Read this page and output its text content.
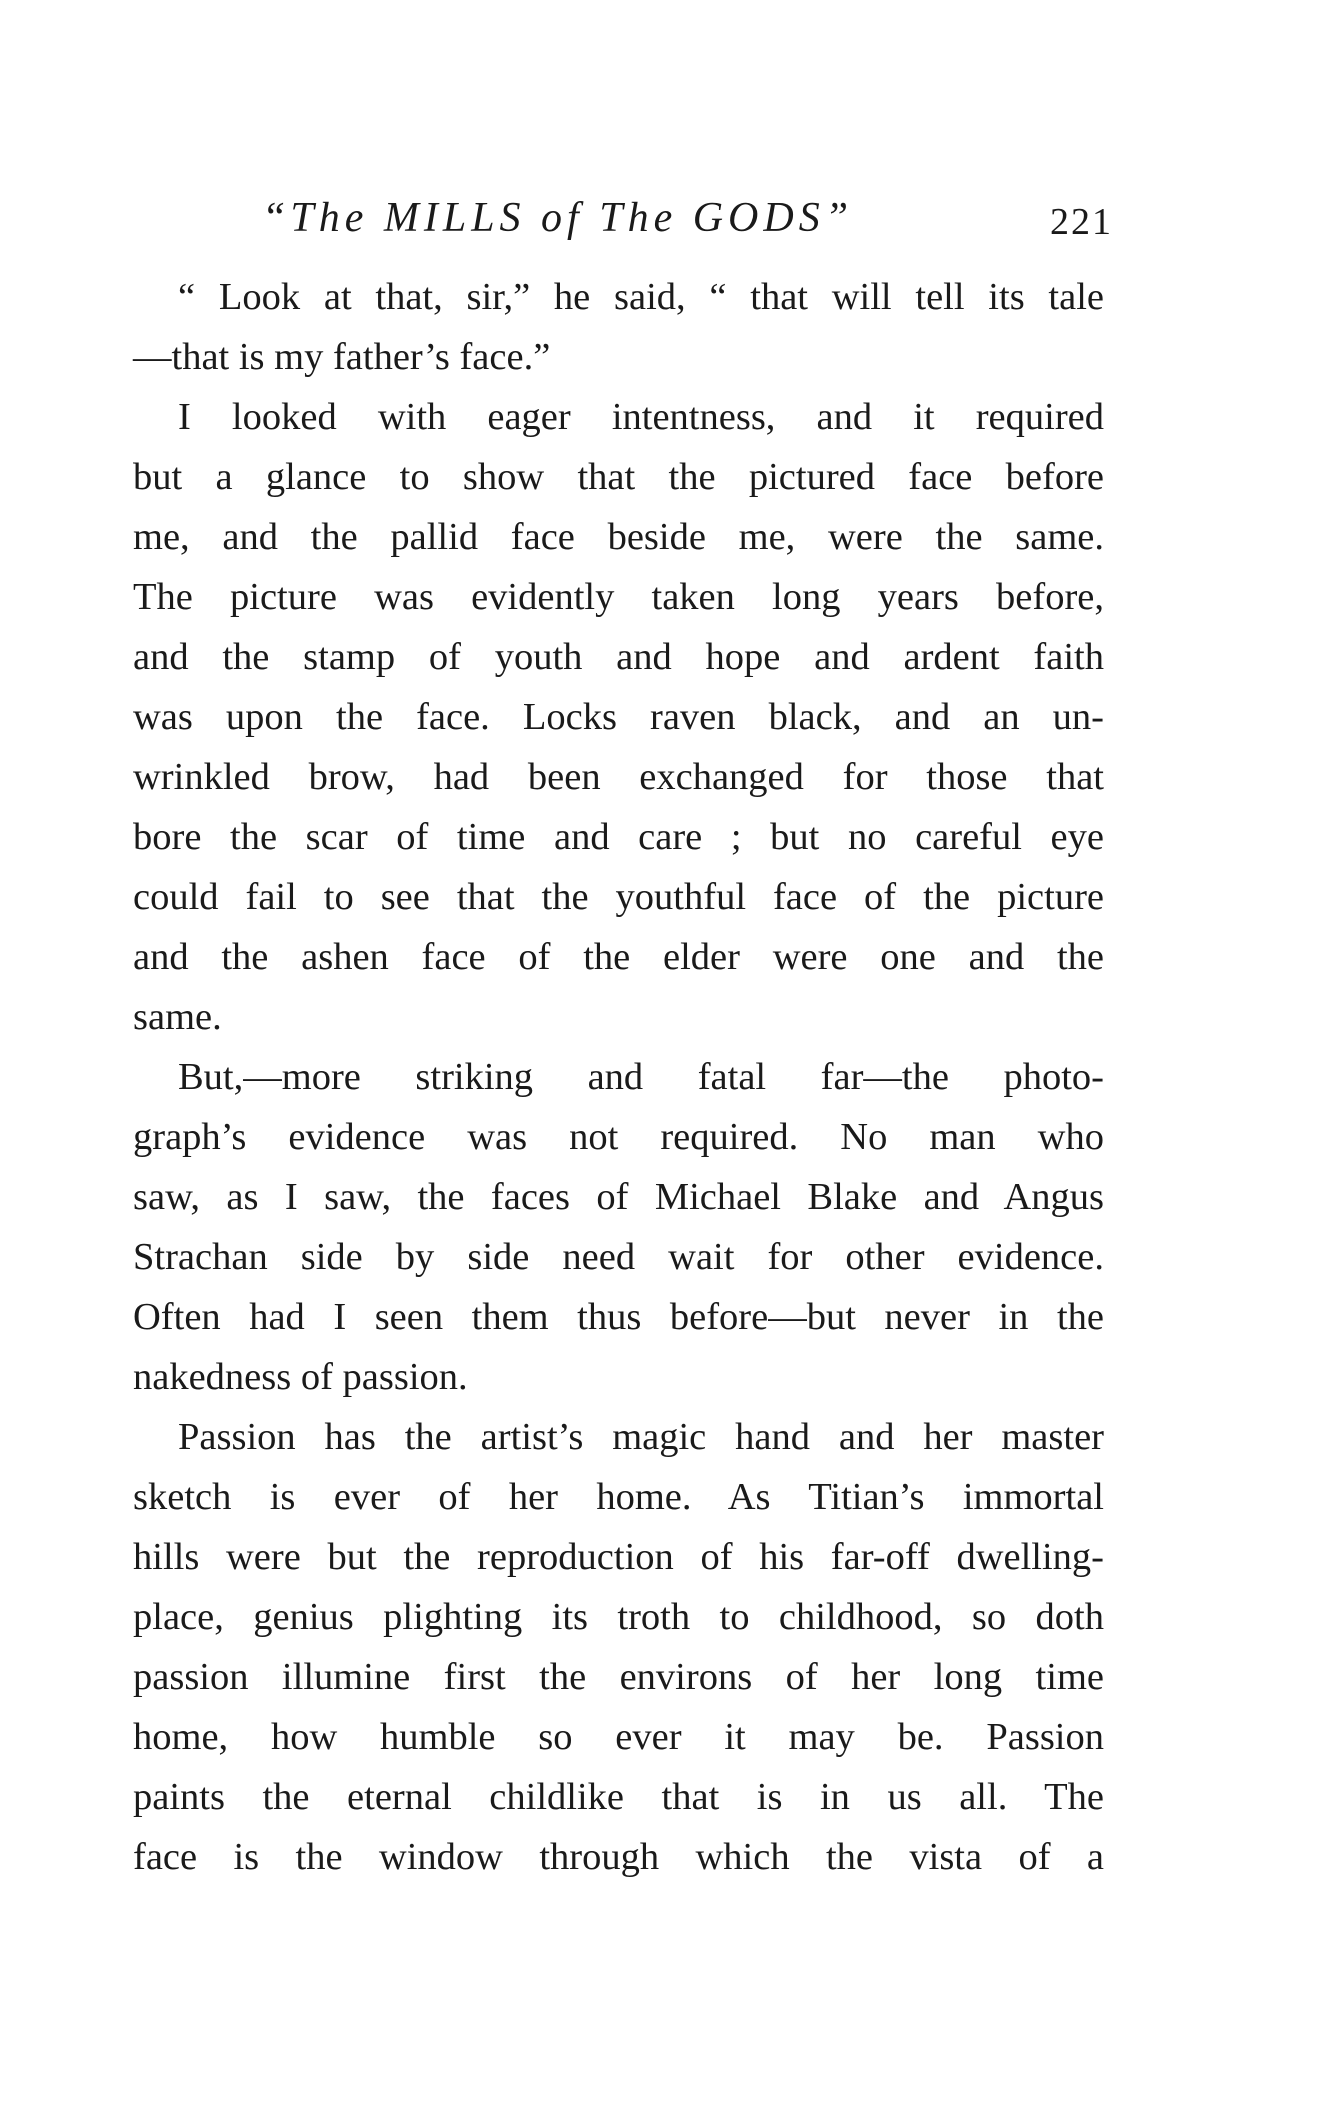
“The MILLS of The GODS”	221
“ Look at that, sir,” he said, “ that will tell its tale
—that is my father’s face.”
I looked with eager intentness, and it required
but a glance to show that the pictured face before
me, and the pallid face beside me, were the same.
The picture was evidently taken long years before,
and the stamp of youth and hope and ardent faith
was upon the face. Locks raven black, and an un-
wrinkled brow, had been exchanged for those that
bore the scar of time and care ; but no careful eye
could fail to see that the youthful face of the picture
and the ashen face of the elder were one and the
same.
But,—more striking and fatal far—the photo-
graph’s evidence was not required. No man who
saw, as I saw, the faces of Michael Blake and Angus
Strachan side by side need wait for other evidence.
Often had I seen them thus before—but never in the
nakedness of passion.
Passion has the artist’s magic hand and her master
sketch is ever of her home. As Titian’s immortal
hills were but the reproduction of his far-off dwelling-
place, genius plighting its troth to childhood, so doth
passion illumine first the environs of her long time
home, how humble so ever it may be. Passion
paints the eternal childlike that is in us all. The
face is the window through which the vista of a
